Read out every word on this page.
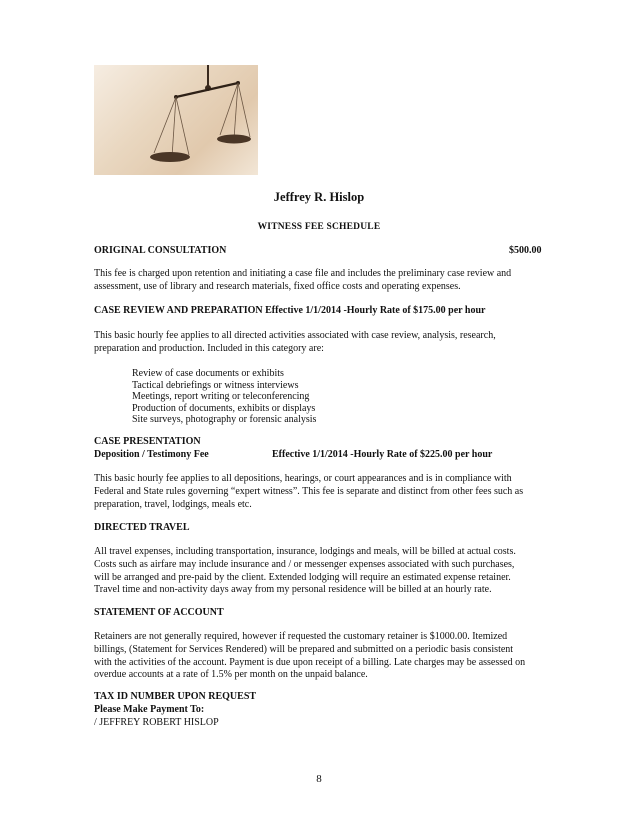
Jeffrey R. Hislop
WITNESS FEE SCHEDULE
ORIGINAL CONSULTATION	$500.00
This fee is charged upon retention and initiating a case file and includes the preliminary case review and
assessment, use of library and research materials, fixed office costs and operating expenses.
CASE REVIEW AND PREPARATION Effective 1/1/2014 -Hourly Rate of $175.00 per hour
This basic hourly fee applies to all directed activities associated with case review, analysis, research,
preparation and production. Included in this category are:
Review of case documents or exhibits
Tactical debriefings or witness interviews
Meetings, report writing or teleconferencing
Production of documents, exhibits or displays
Site surveys, photography or forensic analysis
CASE PRESENTATION
Deposition / Testimony Fee	Effective 1/1/2014 -Hourly Rate of $225.00 per hour
This basic hourly fee applies to all depositions, hearings, or court appearances and is in compliance with
Federal and State rules governing “expert witness”. This fee is separate and distinct from other fees such as
preparation, travel, lodgings, meals etc.
DIRECTED TRAVEL
All travel expenses, including transportation, insurance, lodgings and meals, will be billed at actual costs.
Costs such as airfare may include insurance and / or messenger expenses associated with such purchases,
will be arranged and pre-paid by the client. Extended lodging will require an estimated expense retainer.
Travel time and non-activity days away from my personal residence will be billed at an hourly rate.
STATEMENT OF ACCOUNT
Retainers are not generally required, however if requested the customary retainer is $1000.00. Itemized
billings, (Statement for Services Rendered) will be prepared and submitted on a periodic basis consistent
with the activities of the account. Payment is due upon receipt of a billing. Late charges may be assessed on
overdue accounts at a rate of 1.5% per month on the unpaid balance.
TAX ID NUMBER UPON REQUEST
Please Make Payment To:
/ JEFFREY ROBERT HISLOP
8
